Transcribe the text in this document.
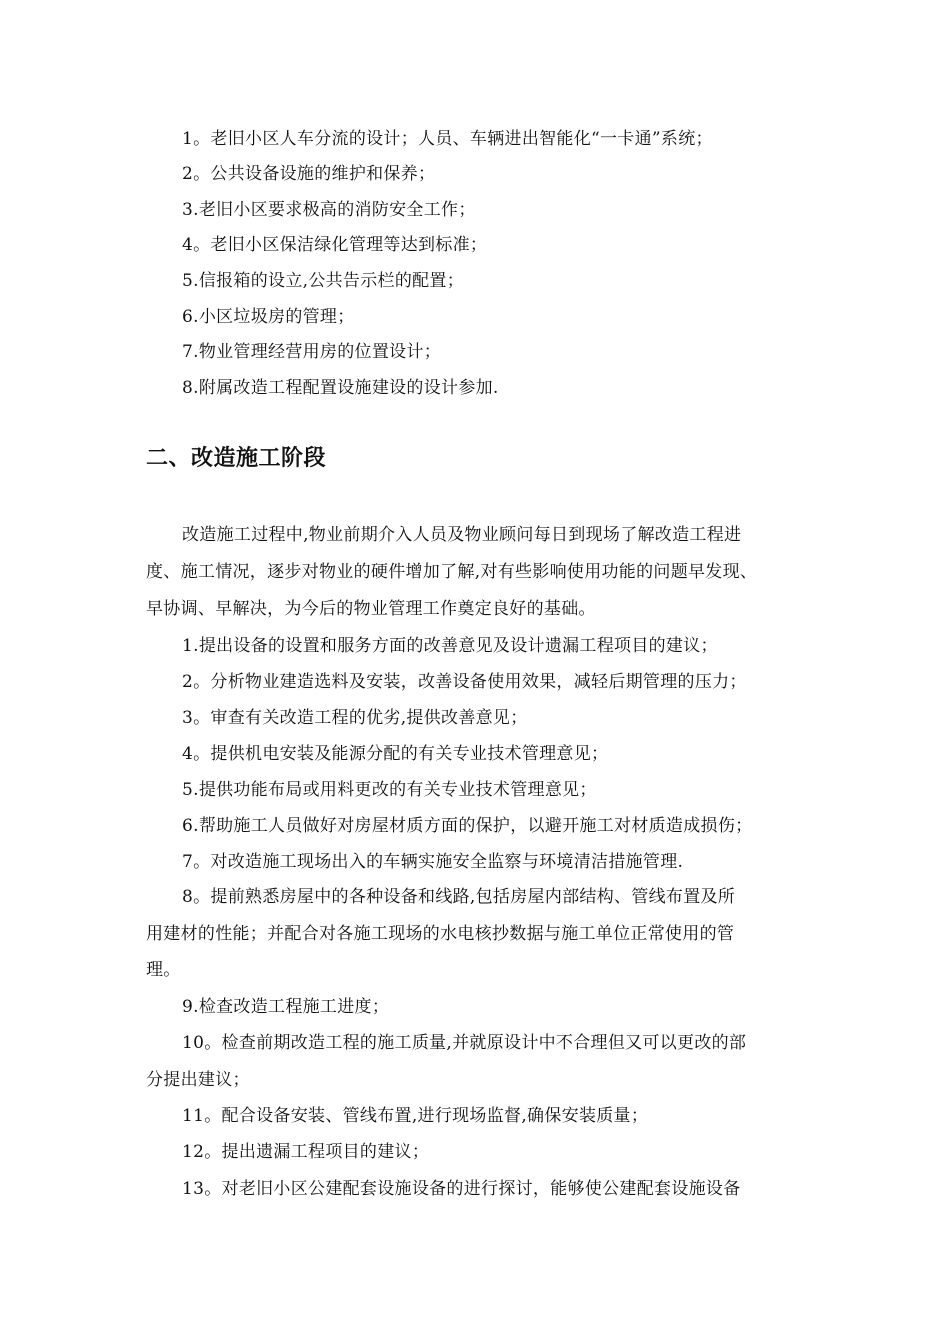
1。老旧小区人车分流的设计；人员、车辆进出智能化“一卡通”系统；
2。公共设备设施的维护和保养；
3.老旧小区要求极高的消防安全工作；
4。老旧小区保洁绿化管理等达到标准；
5.信报箱的设立,公共告示栏的配置；
6.小区垃圾房的管理；
7.物业管理经营用房的位置设计；
8.附属改造工程配置设施建设的设计参加.
二、改造施工阶段
改造施工过程中,物业前期介入人员及物业顾问每日到现场了解改造工程进
度、施工情况，逐步对物业的硬件增加了解,对有些影响使用功能的问题早发现、
早协调、早解决，为今后的物业管理工作奠定良好的基础。
1.提出设备的设置和服务方面的改善意见及设计遗漏工程项目的建议；
2。分析物业建造选料及安装，改善设备使用效果，减轻后期管理的压力；
3。审查有关改造工程的优劣,提供改善意见；
4。提供机电安装及能源分配的有关专业技术管理意见；
5.提供功能布局或用料更改的有关专业技术管理意见；
6.帮助施工人员做好对房屋材质方面的保护，以避开施工对材质造成损伤；
7。对改造施工现场出入的车辆实施安全监察与环境清洁措施管理.
8。提前熟悉房屋中的各种设备和线路,包括房屋内部结构、管线布置及所
用建材的性能；并配合对各施工现场的水电核抄数据与施工单位正常使用的管
理。
9.检查改造工程施工进度；
10。检查前期改造工程的施工质量,并就原设计中不合理但又可以更改的部
分提出建议；
11。配合设备安装、管线布置,进行现场监督,确保安装质量；
12。提出遗漏工程项目的建议；
13。对老旧小区公建配套设施设备的进行探讨，能够使公建配套设施设备
